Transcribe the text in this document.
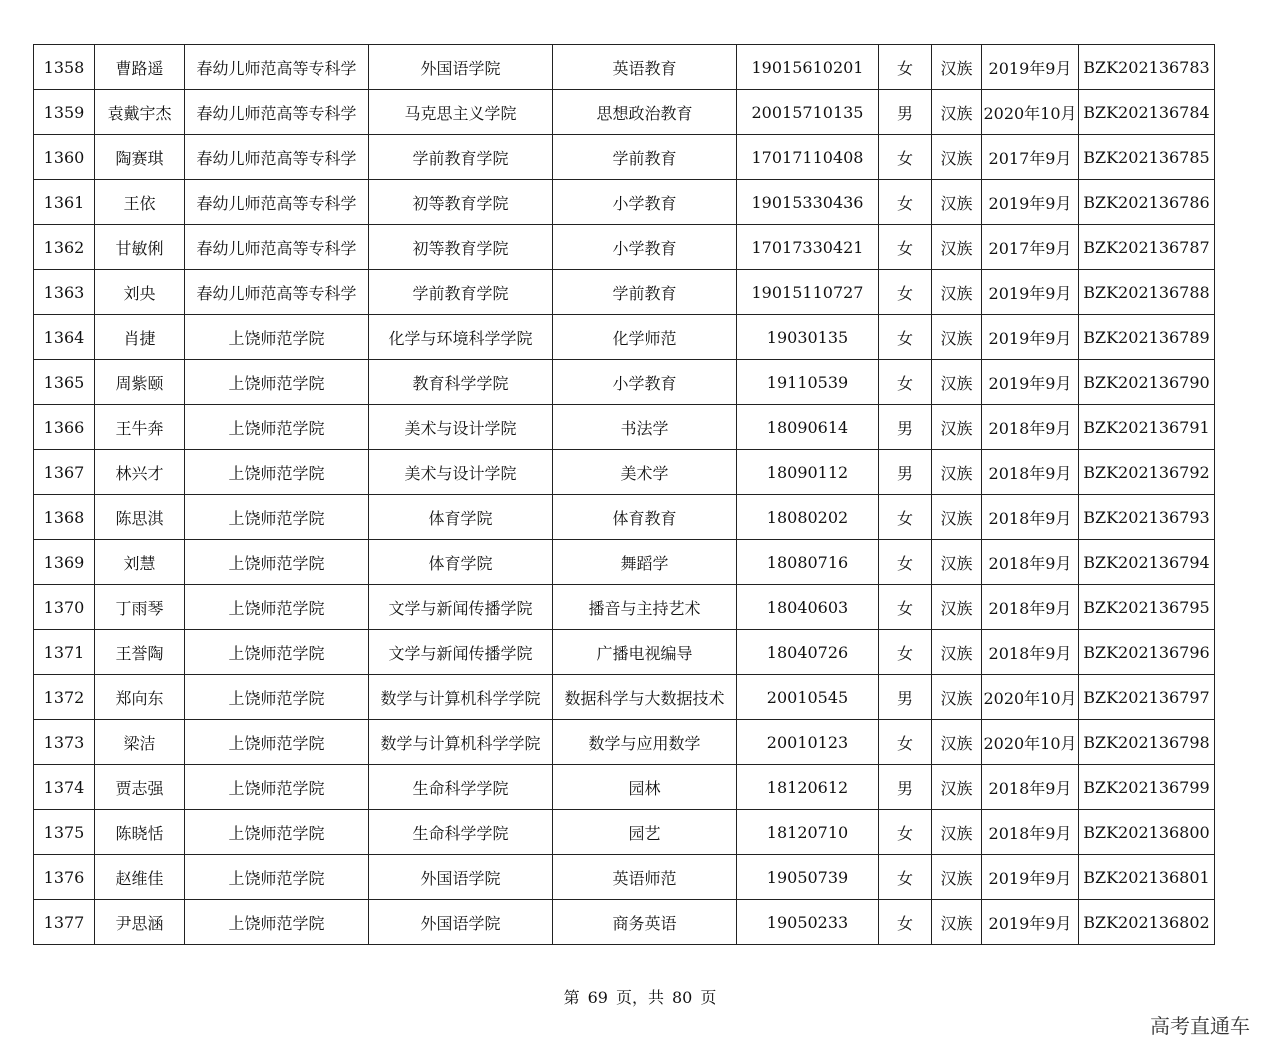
1358	曹路遥	春幼儿师范高等专科学	外国语学院	英语教育	19015610201	女	汉族	2019年9月	BZK202136783
1359	袁戴宇杰	春幼儿师范高等专科学	马克思主义学院	思想政治教育	20015710135	男	汉族	2020年10月	BZK202136784
1360	陶赛琪	春幼儿师范高等专科学	学前教育学院	学前教育	17017110408	女	汉族	2017年9月	BZK202136785
1361	王依	春幼儿师范高等专科学	初等教育学院	小学教育	19015330436	女	汉族	2019年9月	BZK202136786
1362	甘敏俐	春幼儿师范高等专科学	初等教育学院	小学教育	17017330421	女	汉族	2017年9月	BZK202136787
1363	刘央	春幼儿师范高等专科学	学前教育学院	学前教育	19015110727	女	汉族	2019年9月	BZK202136788
1364	肖捷	上饶师范学院	化学与环境科学学院	化学师范	19030135	女	汉族	2019年9月	BZK202136789
1365	周紫颐	上饶师范学院	教育科学学院	小学教育	19110539	女	汉族	2019年9月	BZK202136790
1366	王牛奔	上饶师范学院	美术与设计学院	书法学	18090614	男	汉族	2018年9月	BZK202136791
1367	林兴才	上饶师范学院	美术与设计学院	美术学	18090112	男	汉族	2018年9月	BZK202136792
1368	陈思淇	上饶师范学院	体育学院	体育教育	18080202	女	汉族	2018年9月	BZK202136793
1369	刘慧	上饶师范学院	体育学院	舞蹈学	18080716	女	汉族	2018年9月	BZK202136794
1370	丁雨琴	上饶师范学院	文学与新闻传播学院	播音与主持艺术	18040603	女	汉族	2018年9月	BZK202136795
1371	王誉陶	上饶师范学院	文学与新闻传播学院	广播电视编导	18040726	女	汉族	2018年9月	BZK202136796
1372	郑向东	上饶师范学院	数学与计算机科学学院	数据科学与大数据技术	20010545	男	汉族	2020年10月	BZK202136797
1373	梁洁	上饶师范学院	数学与计算机科学学院	数学与应用数学	20010123	女	汉族	2020年10月	BZK202136798
1374	贾志强	上饶师范学院	生命科学学院	园林	18120612	男	汉族	2018年9月	BZK202136799
1375	陈晓恬	上饶师范学院	生命科学学院	园艺	18120710	女	汉族	2018年9月	BZK202136800
1376	赵维佳	上饶师范学院	外国语学院	英语师范	19050739	女	汉族	2019年9月	BZK202136801
1377	尹思涵	上饶师范学院	外国语学院	商务英语	19050233	女	汉族	2019年9月	BZK202136802
第 69 页，共 80 页
高考直通车
